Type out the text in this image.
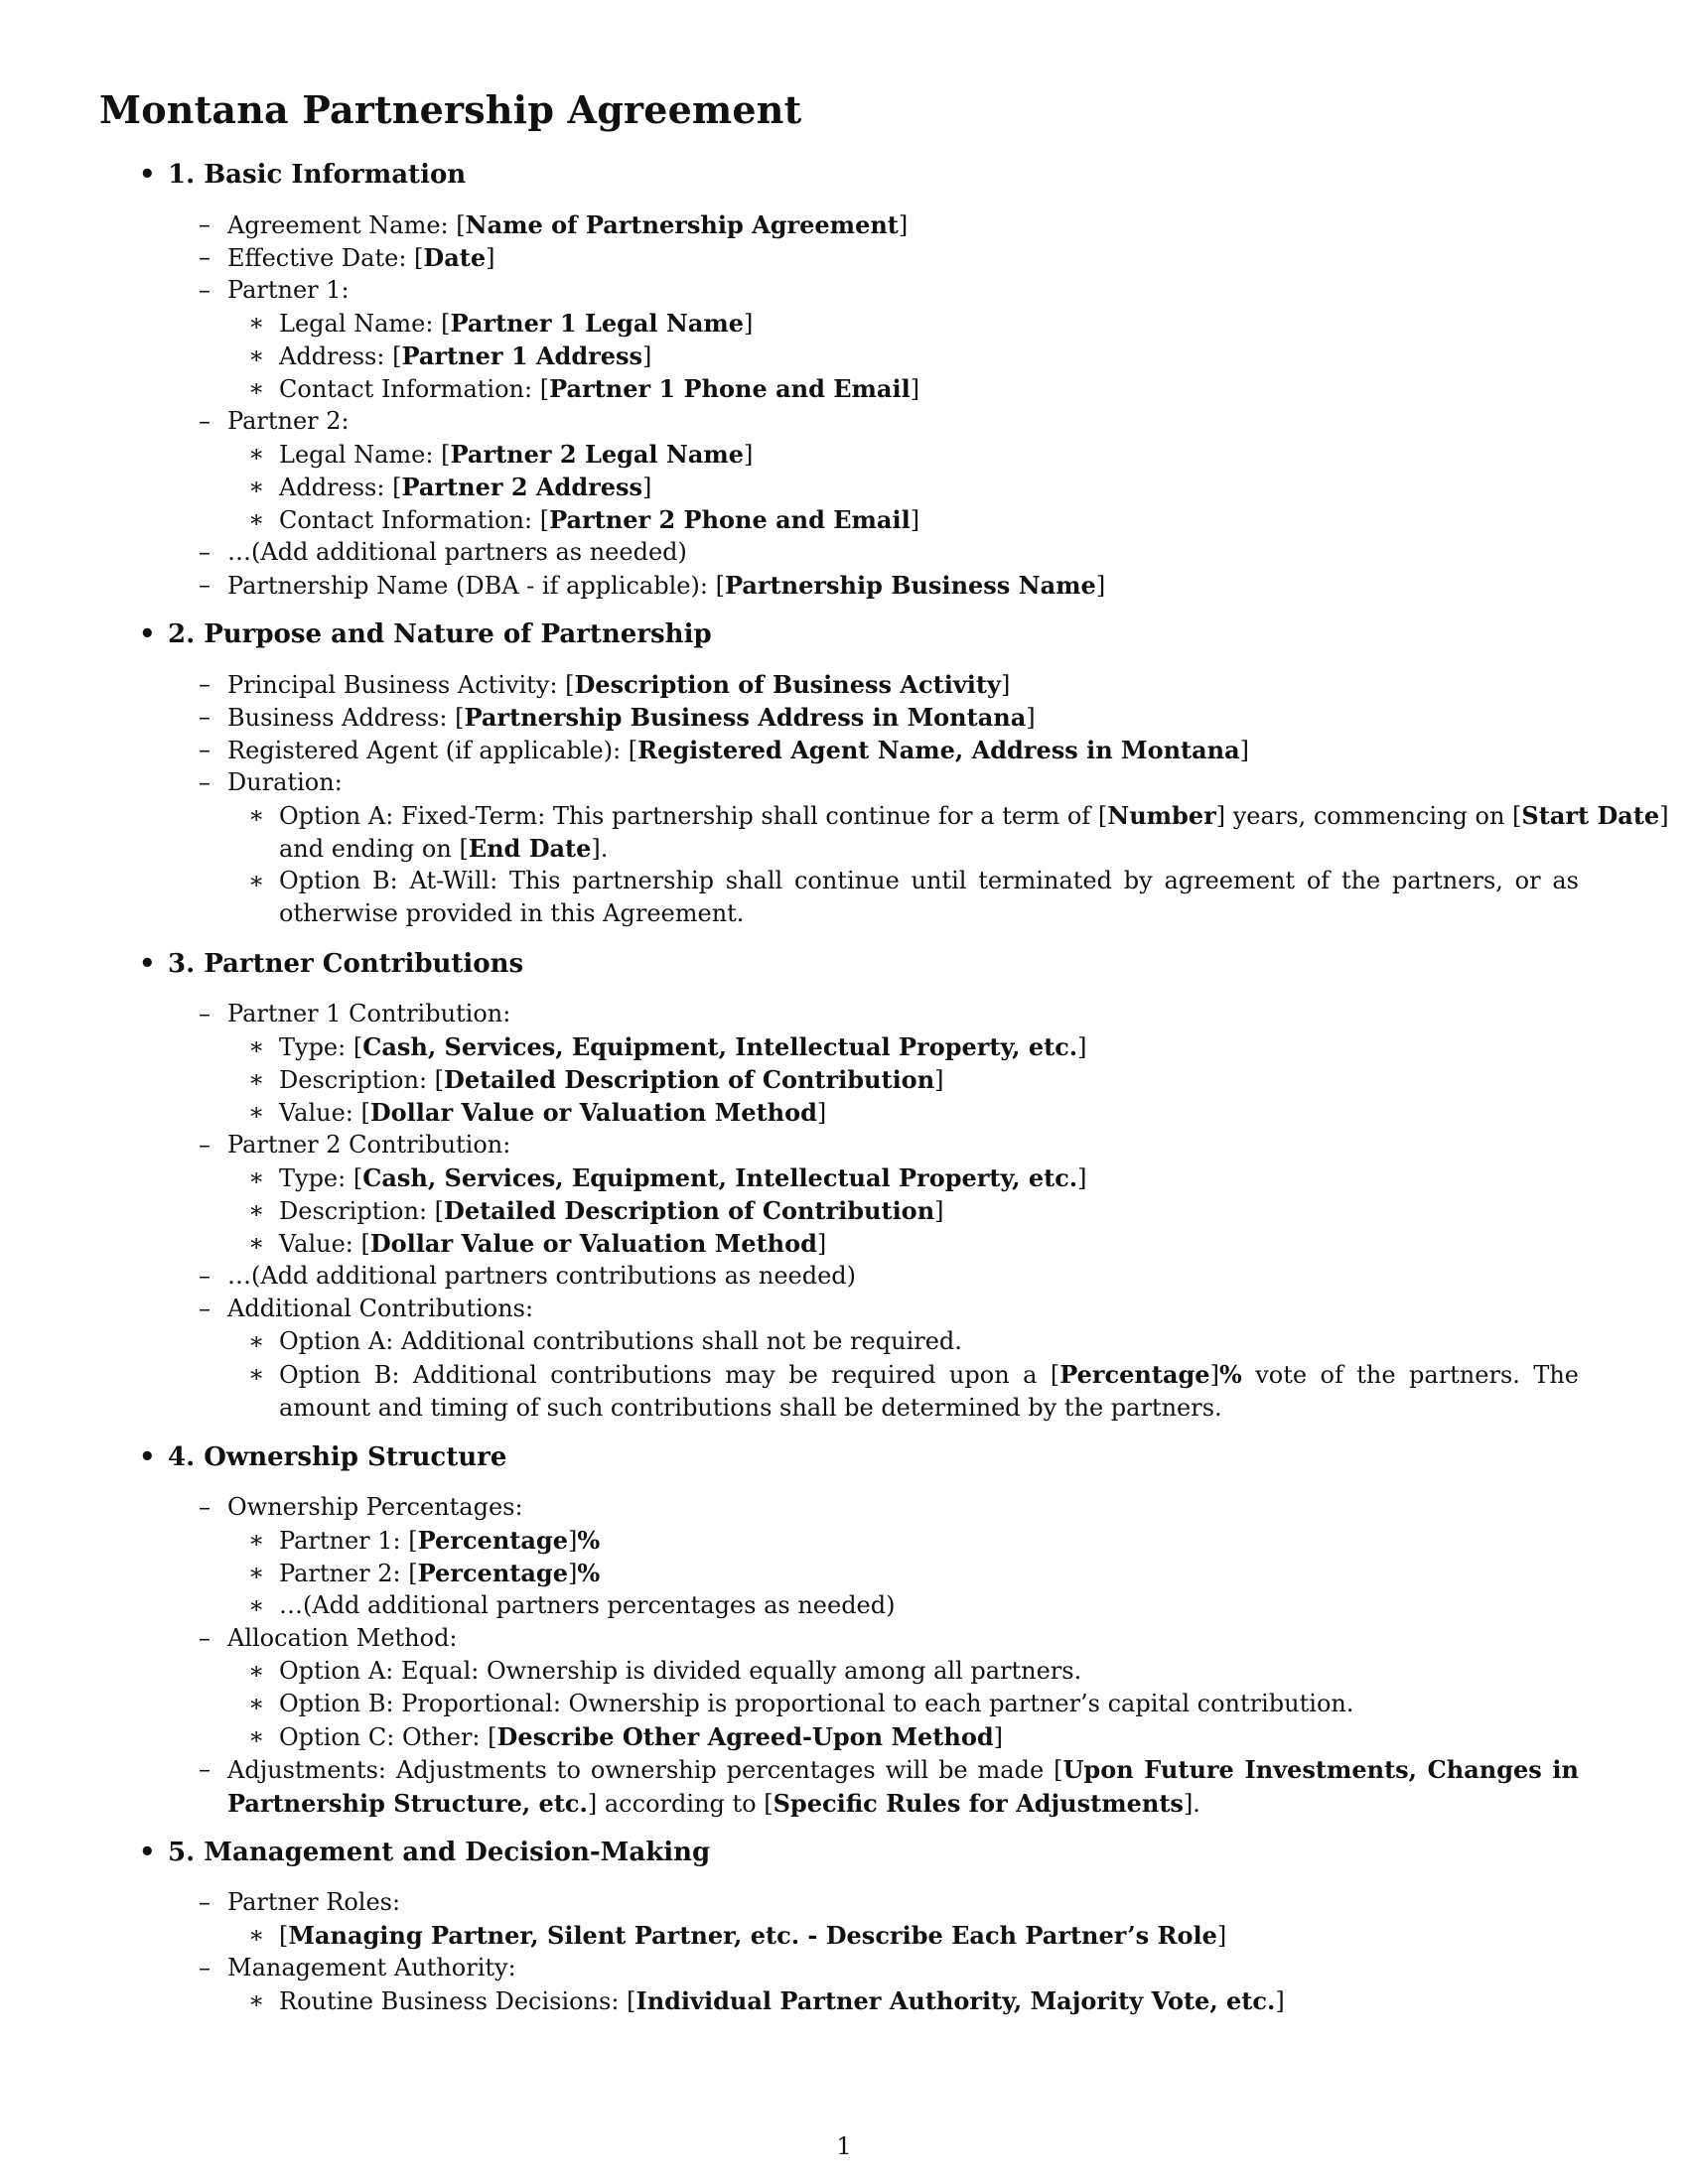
Montana Partnership Agreement
• 1. Basic Information
– Agreement Name: [Name of Partnership Agreement]
– Effective Date: [Date]
– Partner 1:
∗ Legal Name: [Partner 1 Legal Name]
∗ Address: [Partner 1 Address]
∗ Contact Information: [Partner 1 Phone and Email]
– Partner 2:
∗ Legal Name: [Partner 2 Legal Name]
∗ Address: [Partner 2 Address]
∗ Contact Information: [Partner 2 Phone and Email]
– …(Add additional partners as needed)
– Partnership Name (DBA - if applicable): [Partnership Business Name]
• 2. Purpose and Nature of Partnership
– Principal Business Activity: [Description of Business Activity]
– Business Address: [Partnership Business Address in Montana]
– Registered Agent (if applicable): [Registered Agent Name, Address in Montana]
– Duration:
∗ Option A: Fixed-Term: This partnership shall continue for a term of [Number] years, commencing on [Start Date]
and ending on [End Date].
∗ Option B: At-Will: This partnership shall continue until terminated by agreement of the partners, or as otherwise provided in this Agreement.
• 3. Partner Contributions
– Partner 1 Contribution:
∗ Type: [Cash, Services, Equipment, Intellectual Property, etc.]
∗ Description: [Detailed Description of Contribution]
∗ Value: [Dollar Value or Valuation Method]
– Partner 2 Contribution:
∗ Type: [Cash, Services, Equipment, Intellectual Property, etc.]
∗ Description: [Detailed Description of Contribution]
∗ Value: [Dollar Value or Valuation Method]
– …(Add additional partners contributions as needed)
– Additional Contributions:
∗ Option A: Additional contributions shall not be required.
∗ Option B: Additional contributions may be required upon a [Percentage]% vote of the partners. The amount and timing of such contributions shall be determined by the partners.
• 4. Ownership Structure
– Ownership Percentages:
∗ Partner 1: [Percentage]%
∗ Partner 2: [Percentage]%
∗ …(Add additional partners percentages as needed)
– Allocation Method:
∗ Option A: Equal: Ownership is divided equally among all partners.
∗ Option B: Proportional: Ownership is proportional to each partner’s capital contribution.
∗ Option C: Other: [Describe Other Agreed-Upon Method]
– Adjustments: Adjustments to ownership percentages will be made [Upon Future Investments, Changes in Partnership Structure, etc.] according to [Specific Rules for Adjustments].
• 5. Management and Decision-Making
– Partner Roles:
∗ [Managing Partner, Silent Partner, etc. - Describe Each Partner’s Role]
– Management Authority:
∗ Routine Business Decisions: [Individual Partner Authority, Majority Vote, etc.]
1
